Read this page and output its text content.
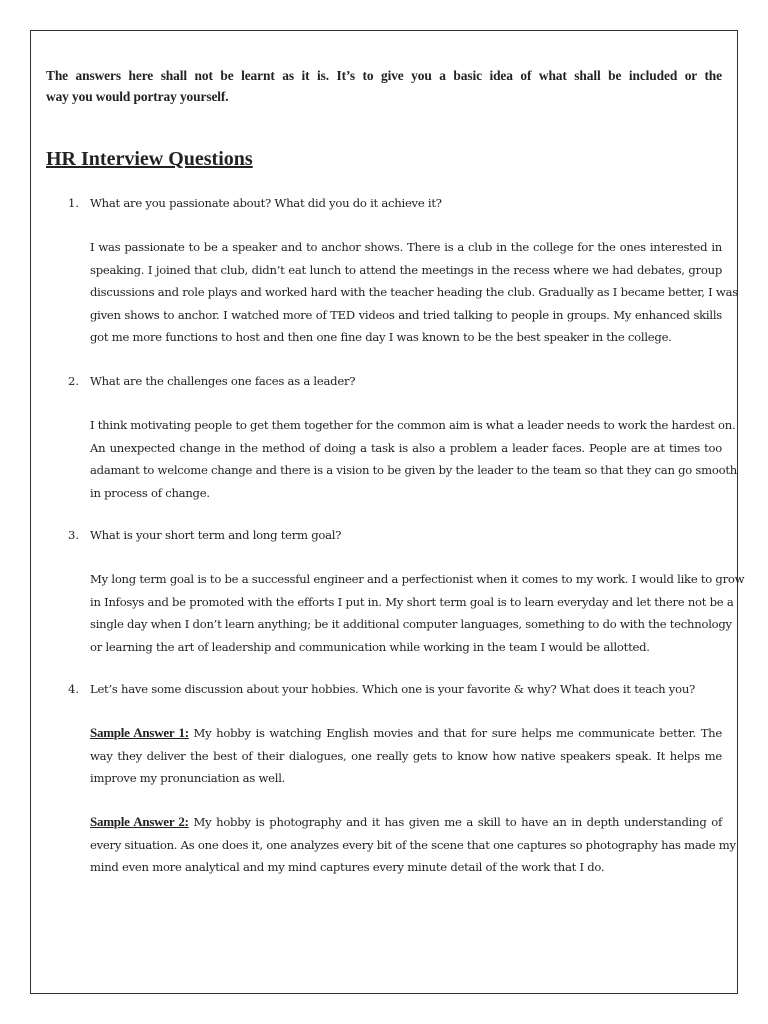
The answers here shall not be learnt as it is. It’s to give you a basic idea of what shall be included or the
way you would portray yourself.
HR Interview Questions
1. What are you passionate about? What did you do it achieve it?
I was passionate to be a speaker and to anchor shows. There is a club in the college for the ones interested in
speaking. I joined that club, didn’t eat lunch to attend the meetings in the recess where we had debates, group
discussions and role plays and worked hard with the teacher heading the club. Gradually as I became better, I was
given shows to anchor. I watched more of TED videos and tried talking to people in groups. My enhanced skills
got me more functions to host and then one fine day I was known to be the best speaker in the college.
2. What are the challenges one faces as a leader?
I think motivating people to get them together for the common aim is what a leader needs to work the hardest on.
An unexpected change in the method of doing a task is also a problem a leader faces. People are at times too
adamant to welcome change and there is a vision to be given by the leader to the team so that they can go smooth
in process of change.
3. What is your short term and long term goal?
My long term goal is to be a successful engineer and a perfectionist when it comes to my work. I would like to grow
in Infosys and be promoted with the efforts I put in. My short term goal is to learn everyday and let there not be a
single day when I don’t learn anything; be it additional computer languages, something to do with the technology
or learning the art of leadership and communication while working in the team I would be allotted.
4. Let’s have some discussion about your hobbies. Which one is your favorite & why? What does it teach you?
Sample Answer 1: My hobby is watching English movies and that for sure helps me communicate better. The
way they deliver the best of their dialogues, one really gets to know how native speakers speak. It helps me
improve my pronunciation as well.
Sample Answer 2: My hobby is photography and it has given me a skill to have an in depth understanding of
every situation. As one does it, one analyzes every bit of the scene that one captures so photography has made my
mind even more analytical and my mind captures every minute detail of the work that I do.
